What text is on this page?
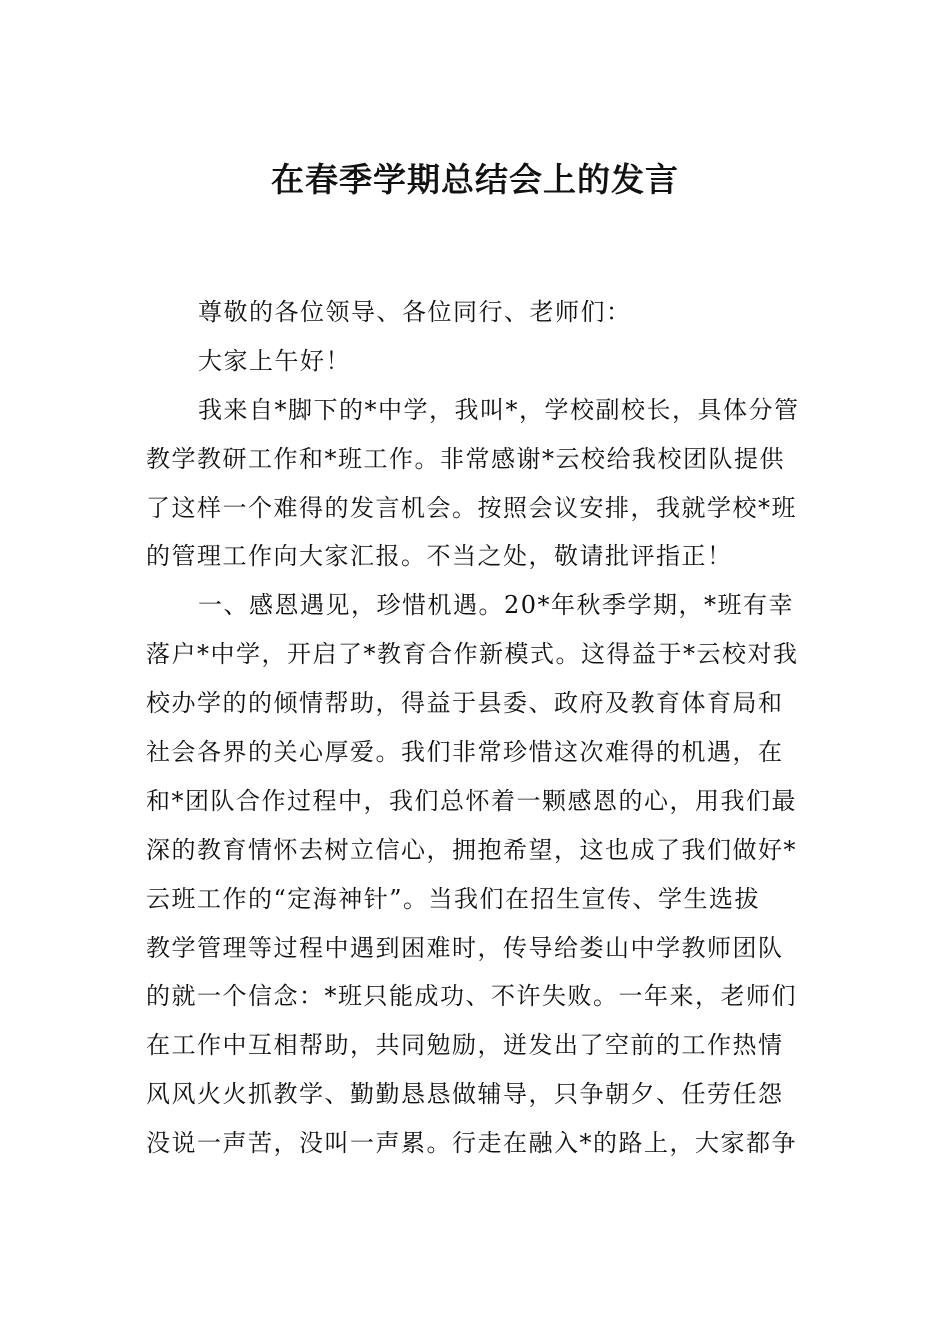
在春季学期总结会上的发言
尊敬的各位领导、各位同行、老师们：
大家上午好！
我来自*脚下的*中学，我叫*，学校副校长，具体分管
教学教研工作和*班工作。非常感谢*云校给我校团队提供
了这样一个难得的发言机会。按照会议安排，我就学校*班
的管理工作向大家汇报。不当之处，敬请批评指正！
一、感恩遇见，珍惜机遇。20*年秋季学期，*班有幸
落户*中学，开启了*教育合作新模式。这得益于*云校对我
校办学的的倾情帮助，得益于县委、政府及教育体育局和
社会各界的关心厚爱。我们非常珍惜这次难得的机遇，在
和*团队合作过程中，我们总怀着一颗感恩的心，用我们最
深的教育情怀去树立信心，拥抱希望，这也成了我们做好*
云班工作的“定海神针”。当我们在招生宣传、学生选拔
教学管理等过程中遇到困难时，传导给娄山中学教师团队
的就一个信念：*班只能成功、不许失败。一年来，老师们
在工作中互相帮助，共同勉励，迸发出了空前的工作热情
风风火火抓教学、勤勤恳恳做辅导，只争朝夕、任劳任怨
没说一声苦，没叫一声累。行走在融入*的路上，大家都争
